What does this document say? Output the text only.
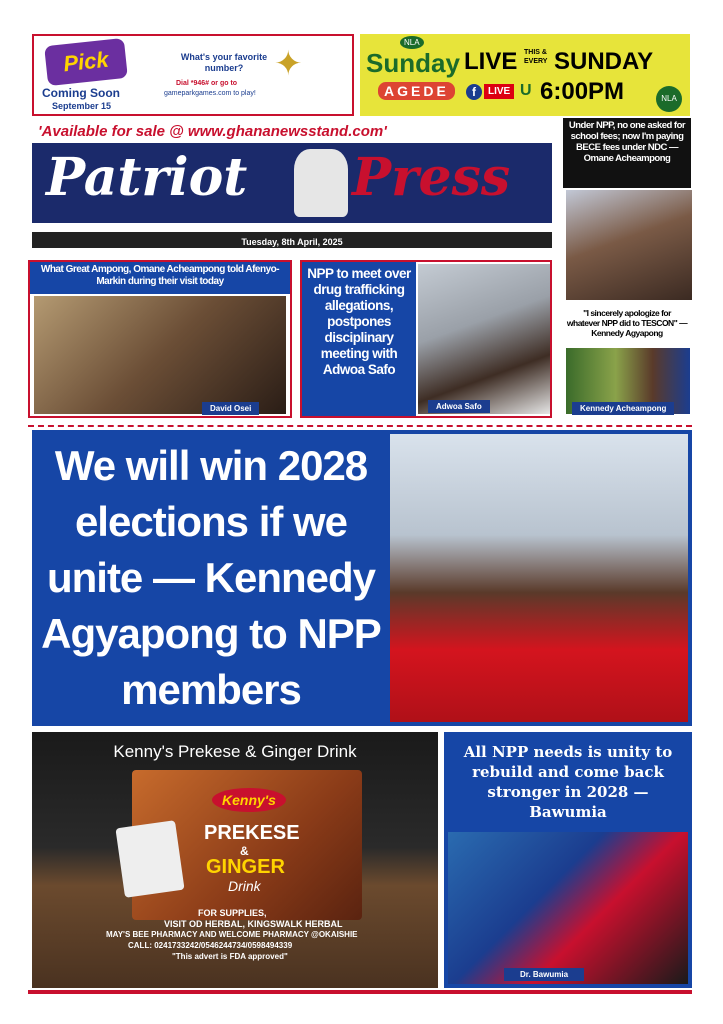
Pick
Coming Soon
September 15
What's your favorite number?
Dial *946# or go to
gameparkgames.com to play!
✦
NLA
Sunday
AGEDE
LIVE THIS & EVERY SUNDAY
f	LIVE U 6:00PM	NLA
'Available for sale @ www.ghananewsstand.com'
Patriot Press
Tuesday, 8th April, 2025
Under NPP, no one asked for school fees; now I'm paying BECE fees under NDC — Omane Acheampong
"I sincerely apologize for whatever NPP did to TESCON" — Kennedy Agyapong
Kennedy Acheampong
What Great Ampong, Omane Acheampong told Afenyo-Markin during their visit today
David Osei
NPP to meet over drug trafficking allegations, postpones disciplinary meeting with Adwoa Safo
Adwoa Safo
We will win 2028 elections if we unite — Kennedy Agyapong to NPP members
Kenny's Prekese & Ginger Drink
Kenny's
PREKESE
&
GINGER
Drink
FOR SUPPLIES,
VISIT OD HERBAL, KINGSWALK HERBAL
MAY'S BEE PHARMACY AND WELCOME PHARMACY @OKAISHIE
CALL: 0241733242/0546244734/0598494339
"This advert is FDA approved"
All NPP needs is unity to rebuild and come back stronger in 2028 — Bawumia
Dr. Bawumia
